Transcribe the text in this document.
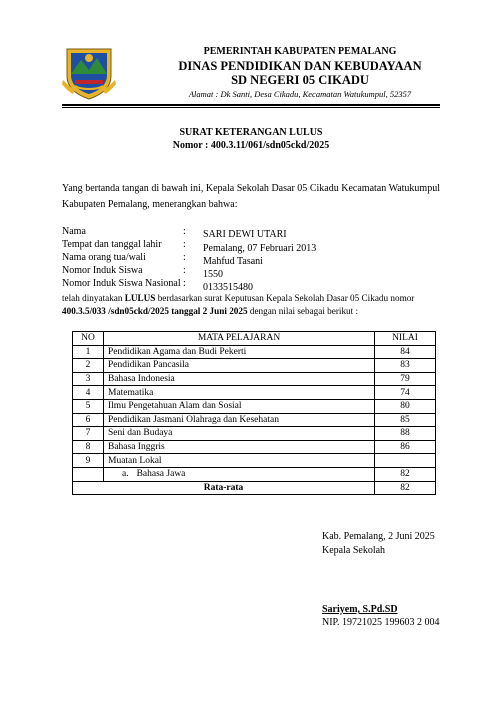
PEMERINTAH KABUPATEN PEMALANG
DINAS PENDIDIKAN DAN KEBUDAYAAN
SD NEGERI 05 CIKADU
Alamat : Dk Santi, Desa Cikadu, Kecamatan Watukumpul, 52357
SURAT KETERANGAN LULUS
Nomor : 400.3.11/061/sdn05ckd/2025
Yang bertanda tangan di bawah ini, Kepala Sekolah Dasar 05 Cikadu Kecamatan Watukumpul Kabupaten Pemalang, menerangkan bahwa:
Nama	: SARI DEWI UTARI
Tempat dan tanggal lahir : Pemalang, 07 Februari 2013
Nama orang tua/wali	: Mahfud Tasani
Nomor Induk Siswa	: 1550
Nomor Induk Siswa Nasional : 0133515480
telah dinyatakan LULUS berdasarkan surat Keputusan Kepala Sekolah Dasar 05 Cikadu nomor
400.3.5/033 /sdn05ckd/2025 tanggal 2 Juni 2025 dengan nilai sebagai berikut :
NO	MATA PELAJARAN	NILAI
1	Pendidikan Agama dan Budi Pekerti	84
2	Pendidikan Pancasila	83
3	Bahasa Indonesia	79
4	Matematika	74
5	Ilmu Pengetahuan Alam dan Sosial	80
6	Pendidikan Jasmani Olahraga dan Kesehatan	85
7	Seni dan Budaya	88
8	Bahasa Inggris	86
9	Muatan Lokal	
	a. Bahasa Jawa	82
Rata-rata		82
Kab. Pemalang, 2 Juni 2025
Kepala Sekolah
Sariyem, S.Pd.SD
NIP. 19721025 199603 2 004
